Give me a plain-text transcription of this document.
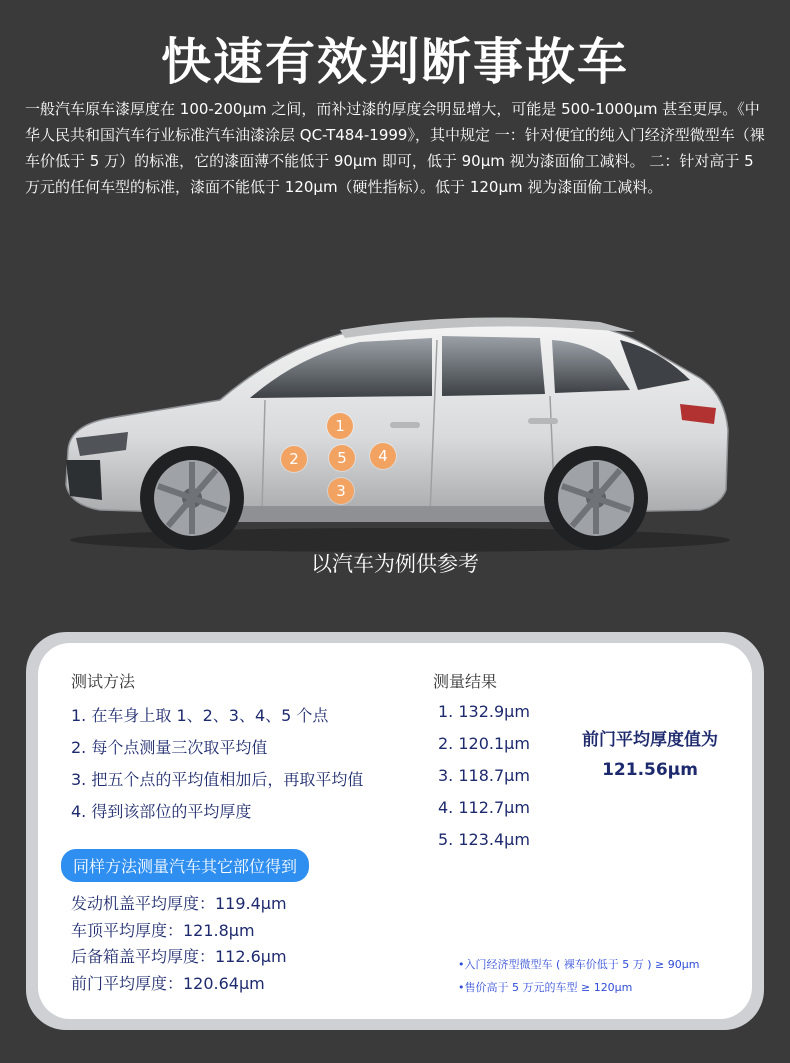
快速有效判断事故车
一般汽车原车漆厚度在 100-200μm 之间，而补过漆的厚度会明显增大，可能是 500-1000μm 甚至更厚。《中华人民共和国汽车行业标准汽车油漆涂层 QC-T484-1999》，其中规定 一：针对便宜的纯入门经济型微型车（裸车价低于 5 万）的标准，它的漆面薄不能低于 90μm 即可，低于 90μm 视为漆面偷工减料。 二：针对高于 5 万元的任何车型的标准，漆面不能低于 120μm（硬性指标）。低于 120μm 视为漆面偷工减料。
1
2
3
4
5
以汽车为例供参考
测试方法
1. 在车身上取 1、2、3、4、5 个点
2. 每个点测量三次取平均值
3. 把五个点的平均值相加后，再取平均值
4. 得到该部位的平均厚度
测量结果
1. 132.9μm
2. 120.1μm
3. 118.7μm
4. 112.7μm
5. 123.4μm
前门平均厚度值为
121.56μm
同样方法测量汽车其它部位得到
发动机盖平均厚度：119.4μm
车顶平均厚度：121.8μm
后备箱盖平均厚度：112.6μm
前门平均厚度：120.64μm
•入门经济型微型车 ( 裸车价低于 5 万 ) ≥ 90μm
•售价高于 5 万元的车型 ≥ 120μm
